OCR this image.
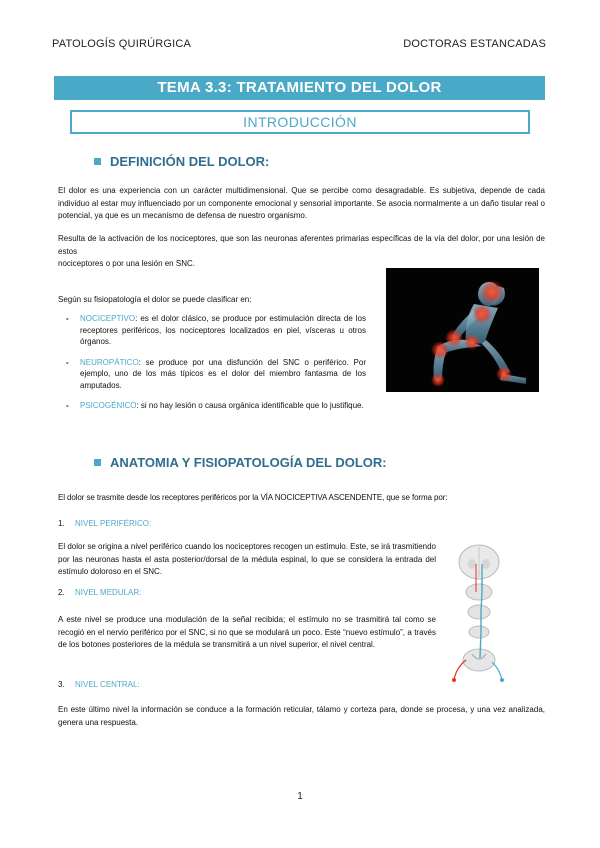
PATOLOGÍS QUIRÚRGICA	DOCTORAS ESTANCADAS
TEMA 3.3: TRATAMIENTO DEL DOLOR
INTRODUCCIÓN
DEFINICIÓN DEL DOLOR:
El dolor es una experiencia con un carácter multidimensional. Que se percibe como desagradable. Es subjetiva, depende de cada individuo al estar muy influenciado por un componente emocional y sensorial importante. Se asocia normalmente a un daño tisular real o potencial, ya que es un mecanismo de defensa de nuestro organismo.
Resulta de la activación de los nociceptores, que son las neuronas aferentes primarias específicas de la vía del dolor, por una lesión de estos
nociceptores o por una lesión en SNC.
Según su fisiopatología el dolor se puede clasificar en:
-	NOCICEPTIVO: es el dolor clásico, se produce por estimulación directa de los receptores periféricos, los nociceptores localizados en piel, vísceras u otros órganos.
-	NEUROPÁTICO: se produce por una disfunción del SNC o periférico. Por ejemplo, uno de los más típicos es el dolor del miembro fantasma de los amputados.
-	PSICOGÉNICO: si no hay lesión o causa orgánica identificable que lo justifique.
ANATOMIA Y FISIOPATOLOGÍA DEL DOLOR:
El dolor se trasmite desde los receptores periféricos por la VÍA NOCICEPTIVA ASCENDENTE, que se forma por:
1.	NIVEL PERIFÉRICO:
El dolor se origina a nivel periférico cuando los nociceptores recogen un estímulo. Este, se irá trasmitiendo por las neuronas hasta el asta posterior/dorsal de la médula espinal, lo que se considera la entrada del estímulo doloroso en el SNC.
2.	NIVEL MEDULAR:
A este nivel se produce una modulación de la señal recibida; el estímulo no se trasmitirá tal como se recogió en el nervio periférico por el SNC, si no que se modulará un poco. Este “nuevo estímulo”, a través de los botones posteriores de la médula se transmitirá a un nivel superior, el nivel central.
3.	NIVEL CENTRAL:
En este último nivel la información se conduce a la formación reticular, tálamo y corteza para, donde se procesa, y una vez analizada, genera una respuesta.
1
